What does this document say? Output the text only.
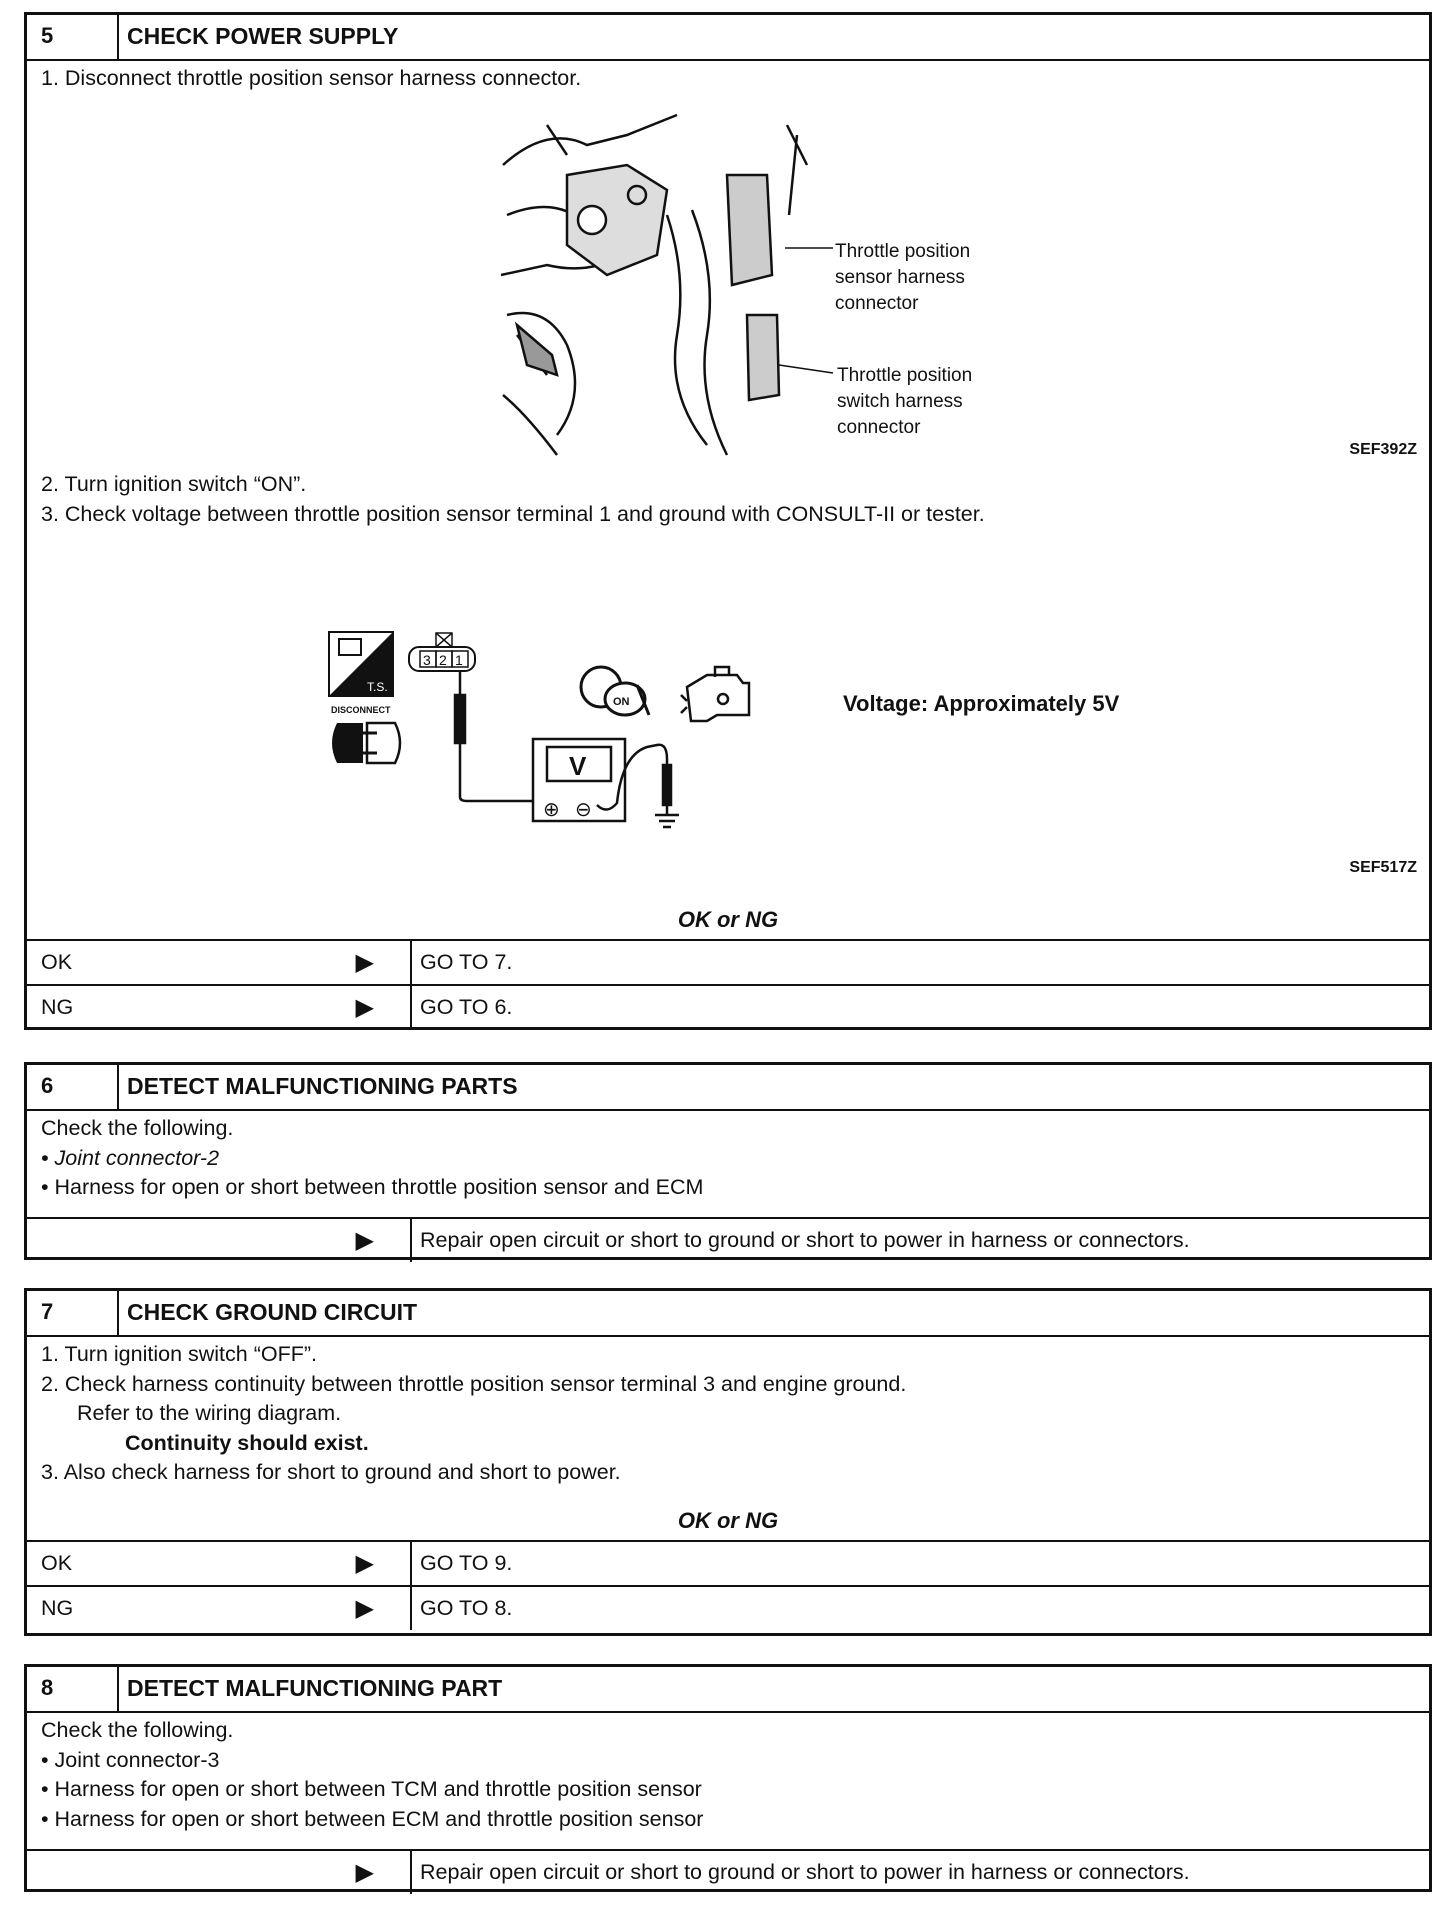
5	CHECK POWER SUPPLY

1. Disconnect throttle position sensor harness connector.

Throttle position
sensor harness
connector
Throttle position
switch harness
connector
SEF392Z

2. Turn ignition switch “ON”.

3. Check voltage between throttle position sensor terminal 1 and ground with CONSULT-II or tester.

T.S.
DISCONNECT
3 2 1
V
⊕ ⊖
ON	Voltage: Approximately 5V
SEF517Z
OK or NG
OK	▶	GO TO 7.
NG	▶	GO TO 6.
6	DETECT MALFUNCTIONING PARTS

Check the following.

• Joint connector-2

• Harness for open or short between throttle position sensor and ECM

▶	Repair open circuit or short to ground or short to power in harness or connectors.
7	CHECK GROUND CIRCUIT

1. Turn ignition switch “OFF”.

2. Check harness continuity between throttle position sensor terminal 3 and engine ground.

Refer to the wiring diagram.

Continuity should exist.

3. Also check harness for short to ground and short to power.

OK or NG
OK	▶	GO TO 9.
NG	▶	GO TO 8.
8	DETECT MALFUNCTIONING PART

Check the following.

• Joint connector-3

• Harness for open or short between TCM and throttle position sensor

• Harness for open or short between ECM and throttle position sensor

▶	Repair open circuit or short to ground or short to power in harness or connectors.
